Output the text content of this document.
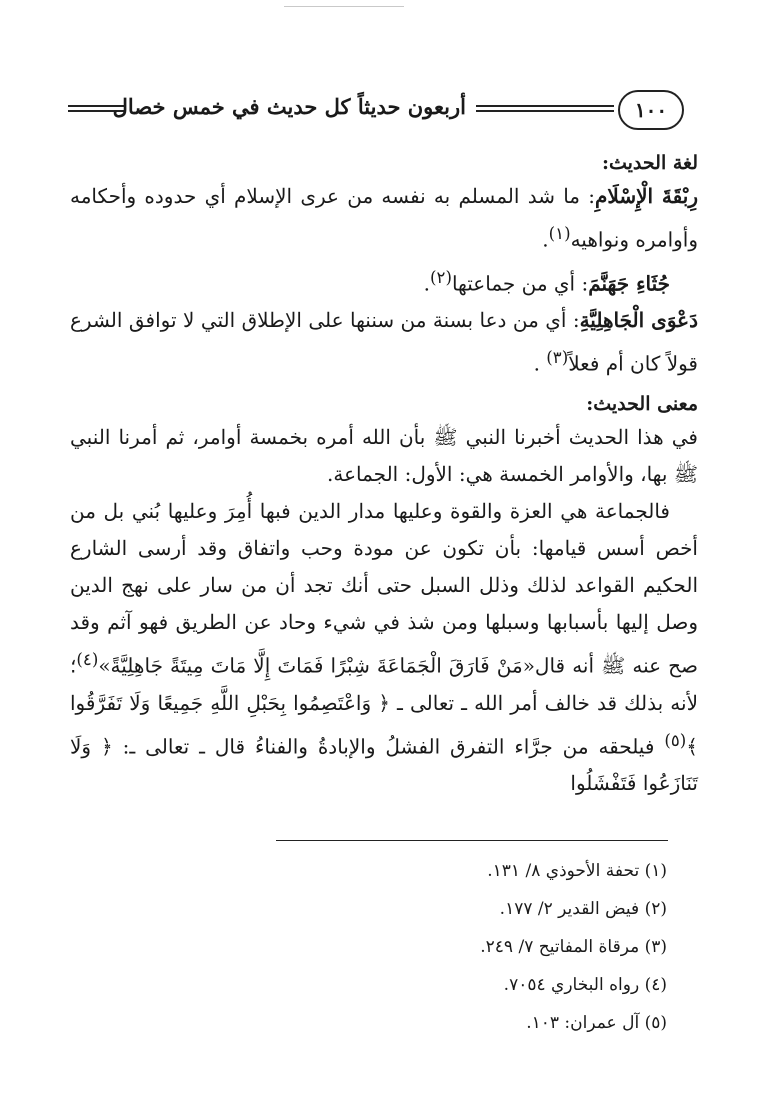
أربعون حديثاً كل حديث في خمس خصال	١٠٠

لغة الحديث:

رِبْقَةَ الْإِسْلَامِ: ما شد المسلم به نفسه من عرى الإسلام أي حدوده وأحكامه وأوامره ونواهيه$^{(١)}$.

جُثَاءِ جَهَنَّمَ: أي من جماعتها$^{(٢)}$.

دَعْوَى الْجَاهِلِيَّةِ: أي من دعا بسنة من سننها على الإطلاق التي لا توافق الشرع قولاً كان أم فعلاً$^{(٣)}$ .

معنى الحديث:

في هذا الحديث أخبرنا النبي ﷺ بأن الله أمره بخمسة أوامر، ثم أمرنا النبي ﷺ بها، والأوامر الخمسة هي: الأول: الجماعة.

فالجماعة هي العزة والقوة وعليها مدار الدين فبها أُمِرَ وعليها بُني بل من أخص أسس قيامها: بأن تكون عن مودة وحب واتفاق وقد أرسى الشارع الحكيم القواعد لذلك وذلل السبل حتى أنك تجد أن من سار على نهج الدين وصل إليها بأسبابها وسبلها ومن شذ في شيء وحاد عن الطريق فهو آثم وقد صح عنه ﷺ أنه قال«مَنْ فَارَقَ الْجَمَاعَةَ شِبْرًا فَمَاتَ إِلَّا مَاتَ مِيتَةً جَاهِلِيَّةً»$^{(٤)}$؛ لأنه بذلك قد خالف أمر الله ـ تعالى ـ ﴿ وَاعْتَصِمُوا بِحَبْلِ اللَّهِ جَمِيعًا وَلَا تَفَرَّقُوا ﴾$^{(٥)}$ فيلحقه من جرَّاء التفرق الفشلُ والإبادةُ والفناءُ قال ـ تعالى ـ: ﴿ وَلَا تَنَازَعُوا فَتَفْشَلُوا

(١) تحفة الأحوذي ٨/ ١٣١.

(٢) فيض القدير ٢/ ١٧٧.

(٣) مرقاة المفاتيح ٧/ ٢٤٩.

(٤) رواه البخاري ٧٠٥٤.

(٥) آل عمران: ١٠٣.
